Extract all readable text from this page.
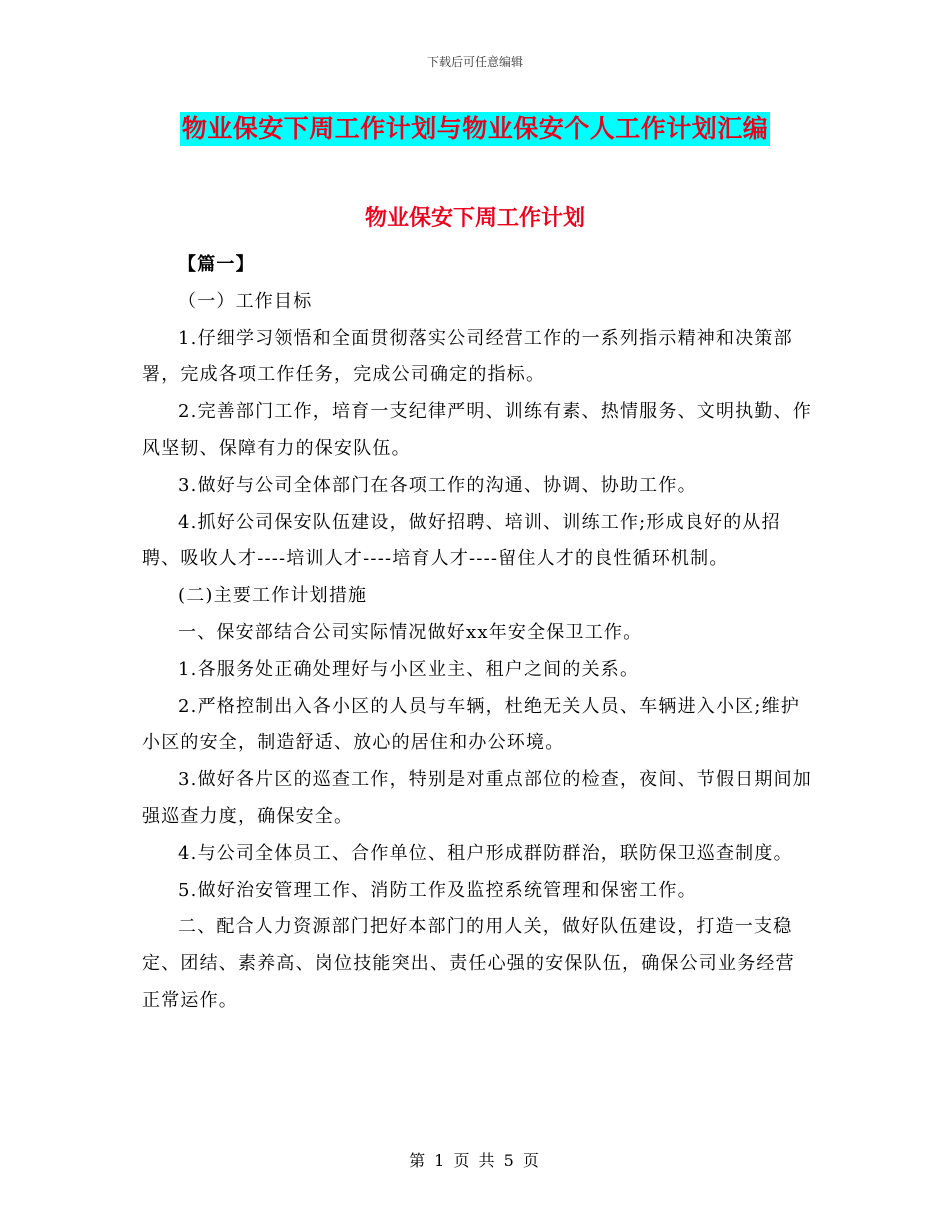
下载后可任意编辑
物业保安下周工作计划与物业保安个人工作计划汇编
物业保安下周工作计划

【篇一】

（一）工作目标

1.仔细学习领悟和全面贯彻落实公司经营工作的一系列指示精神和决策部署，完成各项工作任务，完成公司确定的指标。

2.完善部门工作，培育一支纪律严明、训练有素、热情服务、文明执勤、作风坚韧、保障有力的保安队伍。

3.做好与公司全体部门在各项工作的沟通、协调、协助工作。

4.抓好公司保安队伍建设，做好招聘、培训、训练工作;形成良好的从招聘、吸收人才----培训人才----培育人才----留住人才的良性循环机制。

(二)主要工作计划措施

一、保安部结合公司实际情况做好xx年安全保卫工作。

1.各服务处正确处理好与小区业主、租户之间的关系。

2.严格控制出入各小区的人员与车辆，杜绝无关人员、车辆进入小区;维护小区的安全，制造舒适、放心的居住和办公环境。

3.做好各片区的巡查工作，特别是对重点部位的检查，夜间、节假日期间加强巡查力度，确保安全。

4.与公司全体员工、合作单位、租户形成群防群治，联防保卫巡查制度。

5.做好治安管理工作、消防工作及监控系统管理和保密工作。

二、配合人力资源部门把好本部门的用人关，做好队伍建设，打造一支稳定、团结、素养高、岗位技能突出、责任心强的安保队伍，确保公司业务经营正常运作。

第 1 页 共 5 页
